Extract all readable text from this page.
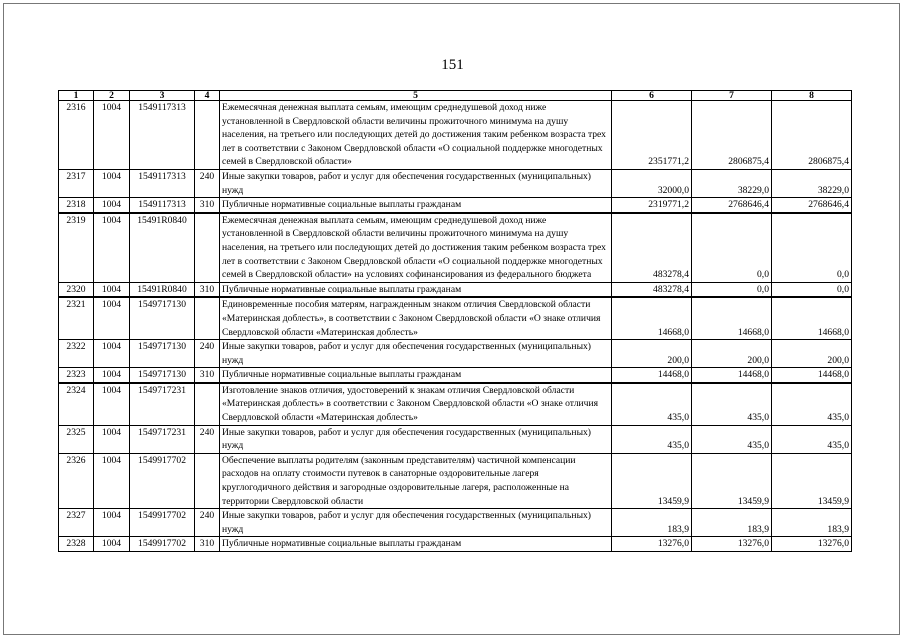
151
1	2	3	4	5	6	7	8
2316	1004	1549117313		Ежемесячная денежная выплата семьям, имеющим среднедушевой доход ниже установленной в Свердловской области величины прожиточного минимума на душу населения, на третьего или последующих детей до достижения таким ребенком возраста трех лет в соответствии с Законом Свердловской области «О социальной поддержке многодетных семей в Свердловской области»	2351771,2	2806875,4	2806875,4
2317	1004	1549117313	240	Иные закупки товаров, работ и услуг для обеспечения государственных (муниципальных) нужд	32000,0	38229,0	38229,0
2318	1004	1549117313	310	Публичные нормативные социальные выплаты гражданам	2319771,2	2768646,4	2768646,4
2319	1004	15491R0840		Ежемесячная денежная выплата семьям, имеющим среднедушевой доход ниже установленной в Свердловской области величины прожиточного минимума на душу населения, на третьего или последующих детей до достижения таким ребенком возраста трех лет в соответствии с Законом Свердловской области «О социальной поддержке многодетных семей в Свердловской области» на условиях софинансирования из федерального бюджета	483278,4	0,0	0,0
2320	1004	15491R0840	310	Публичные нормативные социальные выплаты гражданам	483278,4	0,0	0,0
2321	1004	1549717130		Единовременные пособия матерям, награжденным знаком отличия Свердловской области «Материнская доблесть», в соответствии с Законом Свердловской области «О знаке отличия Свердловской области «Материнская доблесть»	14668,0	14668,0	14668,0
2322	1004	1549717130	240	Иные закупки товаров, работ и услуг для обеспечения государственных (муниципальных) нужд	200,0	200,0	200,0
2323	1004	1549717130	310	Публичные нормативные социальные выплаты гражданам	14468,0	14468,0	14468,0
2324	1004	1549717231		Изготовление знаков отличия, удостоверений к знакам отличия Свердловской области «Материнская доблесть» в соответствии с Законом Свердловской области «О знаке отличия Свердловской области «Материнская доблесть»	435,0	435,0	435,0
2325	1004	1549717231	240	Иные закупки товаров, работ и услуг для обеспечения государственных (муниципальных) нужд	435,0	435,0	435,0
2326	1004	1549917702		Обеспечение выплаты родителям (законным представителям) частичной компенсации расходов на оплату стоимости путевок в санаторные оздоровительные лагеря круглогодичного действия и загородные оздоровительные лагеря, расположенные на территории Свердловской области	13459,9	13459,9	13459,9
2327	1004	1549917702	240	Иные закупки товаров, работ и услуг для обеспечения государственных (муниципальных) нужд	183,9	183,9	183,9
2328	1004	1549917702	310	Публичные нормативные социальные выплаты гражданам	13276,0	13276,0	13276,0
